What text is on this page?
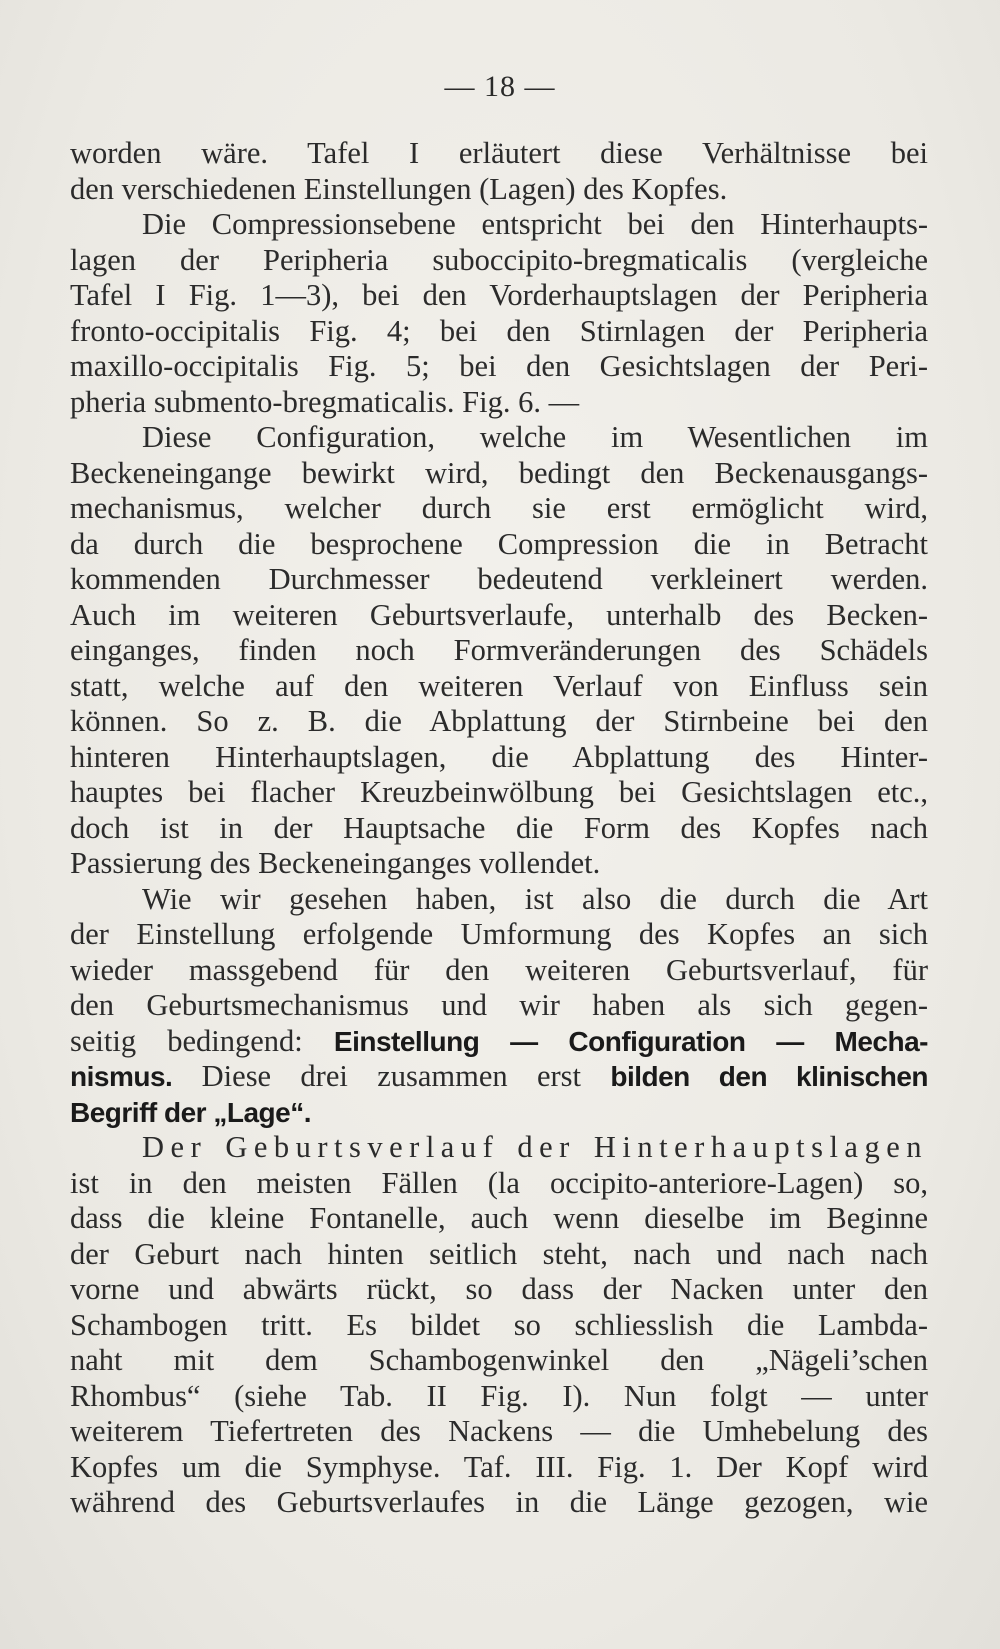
— 18 —
worden wäre. Tafel I erläutert diese Verhältnisse bei
den verschiedenen Einstellungen (Lagen) des Kopfes.
Die Compressionsebene entspricht bei den Hinterhaupts-
lagen der Peripheria suboccipito-bregmaticalis (vergleiche
Tafel I Fig. 1—3), bei den Vorderhauptslagen der Peripheria
fronto-occipitalis Fig. 4; bei den Stirnlagen der Peripheria
maxillo-occipitalis Fig. 5; bei den Gesichtslagen der Peri-
pheria submento-bregmaticalis. Fig. 6. —
Diese Configuration, welche im Wesentlichen im
Beckeneingange bewirkt wird, bedingt den Beckenausgangs-
mechanismus, welcher durch sie erst ermöglicht wird,
da durch die besprochene Compression die in Betracht
kommenden Durchmesser bedeutend verkleinert werden.
Auch im weiteren Geburtsverlaufe, unterhalb des Becken-
einganges, finden noch Formveränderungen des Schädels
statt, welche auf den weiteren Verlauf von Einfluss sein
können. So z. B. die Abplattung der Stirnbeine bei den
hinteren Hinterhauptslagen, die Abplattung des Hinter-
hauptes bei flacher Kreuzbeinwölbung bei Gesichtslagen etc.,
doch ist in der Hauptsache die Form des Kopfes nach
Passierung des Beckeneinganges vollendet.
Wie wir gesehen haben, ist also die durch die Art
der Einstellung erfolgende Umformung des Kopfes an sich
wieder massgebend für den weiteren Geburtsverlauf, für
den Geburtsmechanismus und wir haben als sich gegen-
seitig bedingend: Einstellung — Configuration — Mecha-
nismus. Diese drei zusammen erst bilden den klinischen
Begriff der „Lage“.
Der Geburtsverlauf der Hinterhauptslagen
ist in den meisten Fällen (la occipito-anteriore-Lagen) so,
dass die kleine Fontanelle, auch wenn dieselbe im Beginne
der Geburt nach hinten seitlich steht, nach und nach nach
vorne und abwärts rückt, so dass der Nacken unter den
Schambogen tritt. Es bildet so schliesslish die Lambda-
naht mit dem Schambogenwinkel den „Nägeli’schen
Rhombus“ (siehe Tab. II Fig. I). Nun folgt — unter
weiterem Tiefertreten des Nackens — die Umhebelung des
Kopfes um die Symphyse. Taf. III. Fig. 1. Der Kopf wird
während des Geburtsverlaufes in die Länge gezogen, wie
